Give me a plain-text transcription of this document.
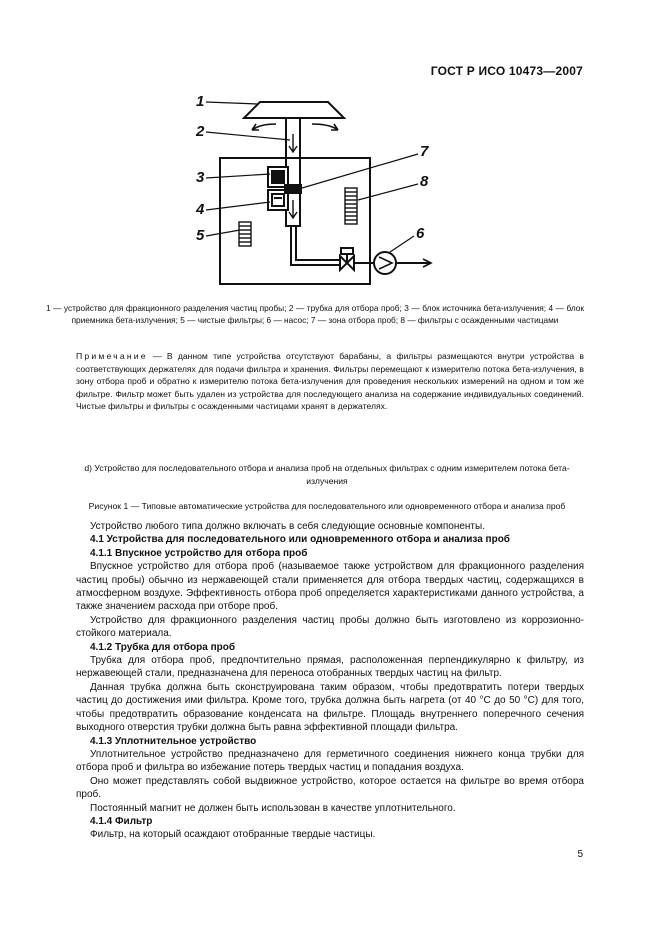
ГОСТ Р ИСО 10473—2007
1
2
3
4
5	6
7
8
1 — устройство для фракционного разделения частиц пробы; 2 — трубка для отбора проб; 3 — блок источника бета-излучения; 4 — блок приемника бета-излучения; 5 — чистые фильтры; 6 — насос; 7 — зона отбора проб; 8 — фильтры с осажденными частицами
Примечание — В данном типе устройства отсутствуют барабаны, а фильтры размещаются внутри устройства в соответствующих держателях для подачи фильтра и хранения. Фильтры перемещают к измерителю потока бета-излучения, в зону отбора проб и обратно к измерителю потока бета-излучения для проведения нескольких измерений на одном и том же фильтре. Фильтр может быть удален из устройства для последующего анализа на содержание индивидуальных соединений. Чистые фильтры и фильтры с осажденными частицами хранят в держателях.
d) Устройство для последовательного отбора и анализа проб на отдельных фильтрах с одним измерителем потока бета-излучения
Рисунок 1 — Типовые автоматические устройства для последовательного или одновременного отбора и анализа проб

Устройство любого типа должно включать в себя следующие основные компоненты.

4.1 Устройства для последовательного или одновременного отбора и анализа проб
4.1.1 Впускное устройство для отбора проб

Впускное устройство для отбора проб (называемое также устройством для фракционного разделения частиц пробы) обычно из нержавеющей стали применяется для отбора твердых частиц, содержащихся в атмосферном воздухе. Эффективность отбора проб определяется характеристиками данного устройства, а также значением расхода при отборе проб.

Устройство для фракционного разделения частиц пробы должно быть изготовлено из коррозионно-стойкого материала.

4.1.2 Трубка для отбора проб

Трубка для отбора проб, предпочтительно прямая, расположенная перпендикулярно к фильтру, из нержавеющей стали, предназначена для переноса отобранных твердых частиц на фильтр.

Данная трубка должна быть сконструирована таким образом, чтобы предотвратить потери твердых частиц до достижения ими фильтра. Кроме того, трубка должна быть нагрета (от 40 °С до 50 °С) для того, чтобы предотвратить образование конденсата на фильтре. Площадь внутреннего поперечного сечения выходного отверстия трубки должна быть равна эффективной площади фильтра.

4.1.3 Уплотнительное устройство

Уплотнительное устройство предназначено для герметичного соединения нижнего конца трубки для отбора проб и фильтра во избежание потерь твердых частиц и попадания воздуха.

Оно может представлять собой выдвижное устройство, которое остается на фильтре во время отбора проб.

Постоянный магнит не должен быть использован в качестве уплотнительного.

4.1.4 Фильтр

Фильтр, на который осаждают отобранные твердые частицы.

5
